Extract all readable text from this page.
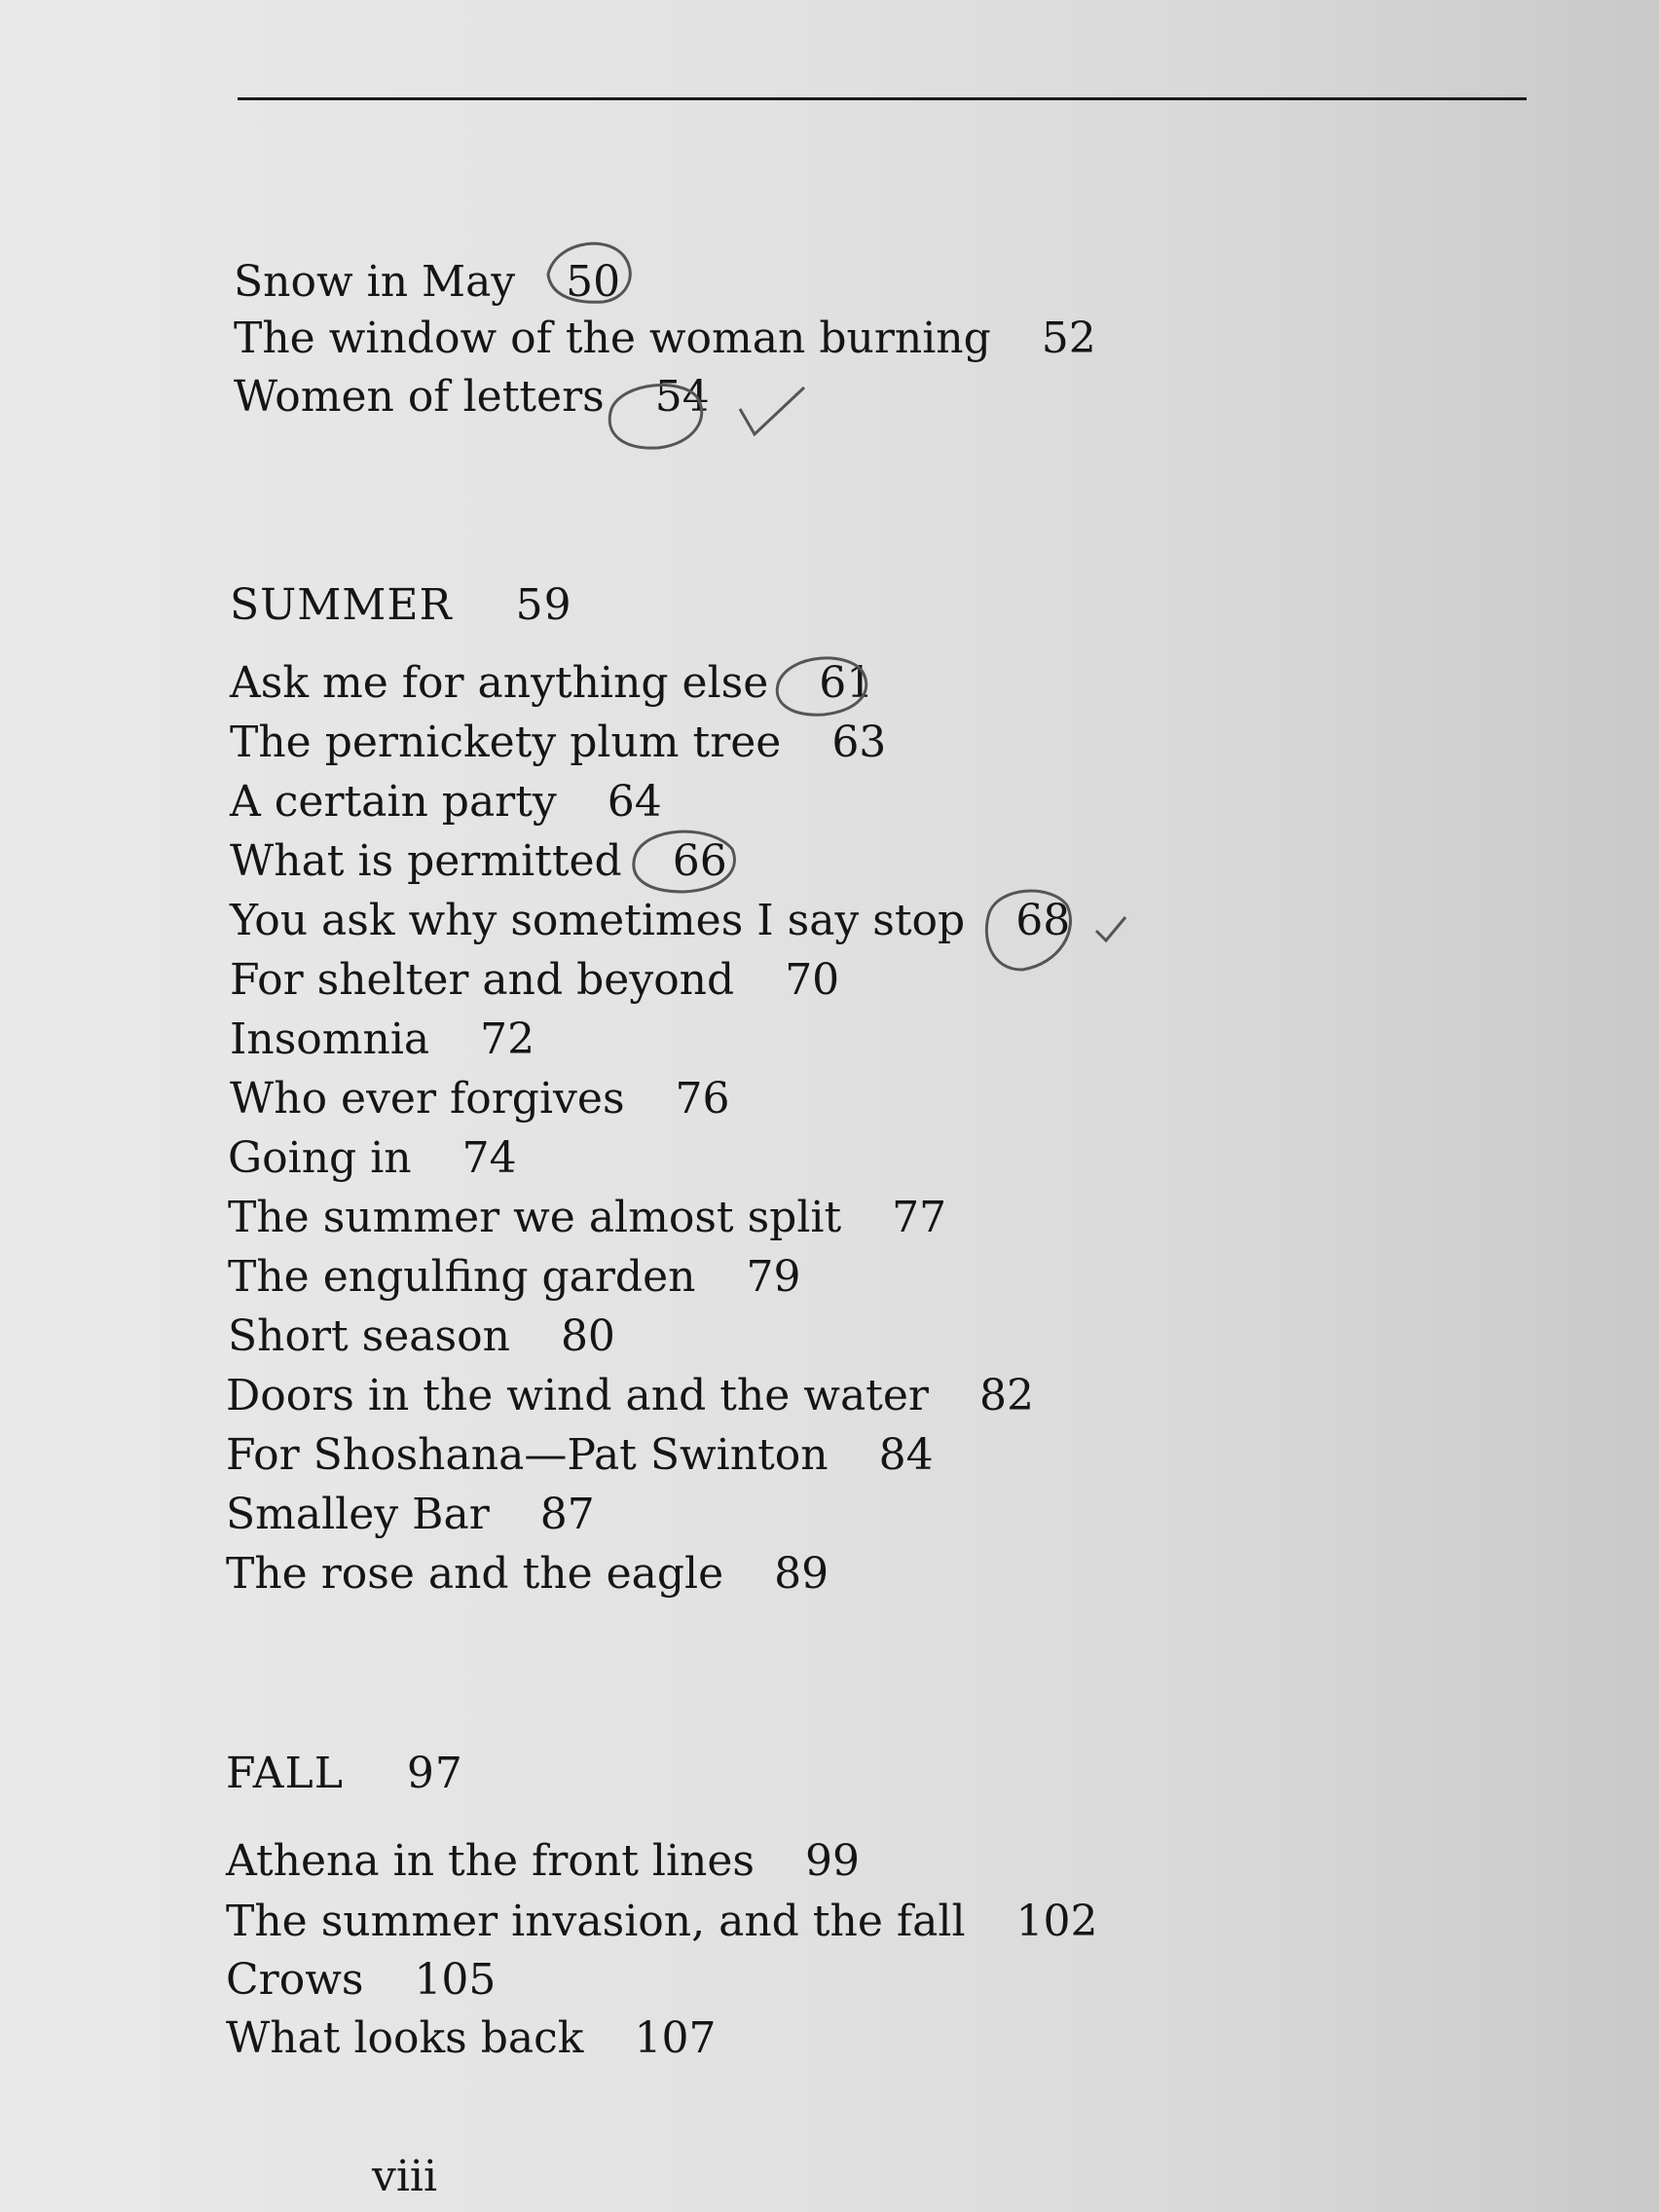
Snow in May 50
The window of the woman burning 52
Women of letters 54
SUMMER 59
Ask me for anything else 61
The pernickety plum tree 63
A certain party 64
What is permitted 66
You ask why sometimes I say stop 68
For shelter and beyond 70
Insomnia 72
Who ever forgives 76
Going in 74
The summer we almost split 77
The engulfing garden 79
Short season 80
Doors in the wind and the water 82
For Shoshana—Pat Swinton 84
Smalley Bar 87
The rose and the eagle 89
FALL 97
Athena in the front lines 99
The summer invasion, and the fall 102
Crows 105
What looks back 107
viii
